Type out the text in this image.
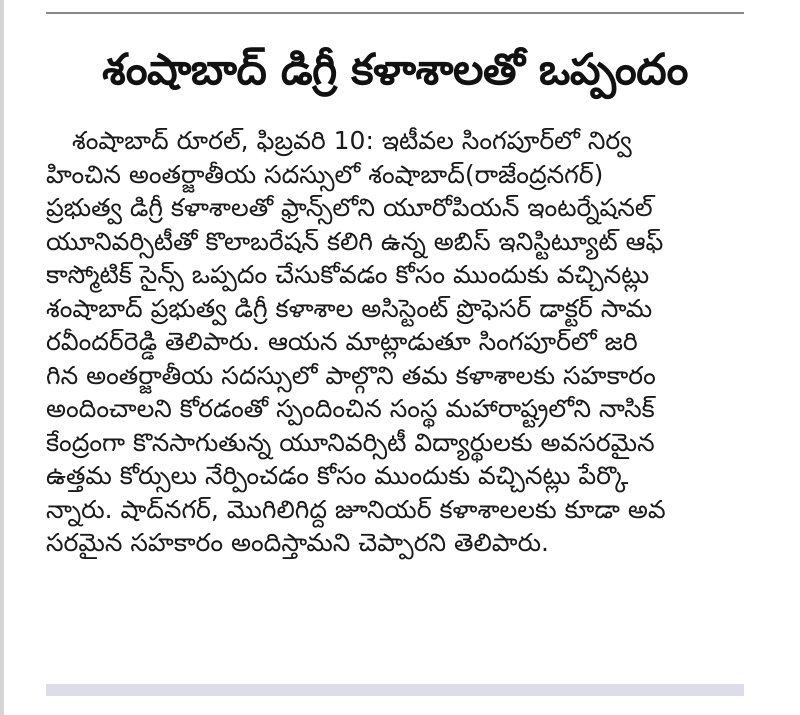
శంషాబాద్ డిగ్రీ కళాశాలతో ఒప్పందం
శంషాబాద్ రూరల్, ఫిబ్రవరి 10: ఇటీవల సింగపూర్‌లో నిర్వ
హించిన అంతర్జాతీయ సదస్సులో శంషాబాద్(రాజేంద్రనగర్)
ప్రభుత్వ డిగ్రీ కళాశాలతో ఫ్రాన్స్‌లోని యూరోపియన్ ఇంటర్నేషనల్
యూనివర్సిటీతో కొలాబరేషన్ కలిగి ఉన్న అబిస్ ఇనిస్టిట్యూట్ ఆఫ్
కాస్మోటిక్ సైన్స్ ఒప్పదం చేసుకోవడం కోసం ముందుకు వచ్చినట్లు
శంషాబాద్ ప్రభుత్వ డిగ్రీ కళాశాల అసిస్టెంట్ ప్రొఫెసర్ డాక్టర్ సామ
రవీందర్‌రెడ్డి తెలిపారు. ఆయన మాట్లాడుతూ సింగపూర్‌లో జరి
గిన అంతర్జాతీయ సదస్సులో పాల్గొని తమ కళాశాలకు సహకారం
అందించాలని కోరడంతో స్పందించిన సంస్థ మహారాష్ట్రలోని నాసిక్
కేంద్రంగా కొనసాగుతున్న యూనివర్సిటీ విద్యార్థులకు అవసరమైన
ఉత్తమ కోర్సులు నేర్పించడం కోసం ముందుకు వచ్చినట్లు పేర్కొ
న్నారు. షాద్‌నగర్, మొగిలిగిద్ద జూనియర్ కళాశాలలకు కూడా అవ
సరమైన సహకారం అందిస్తామని చెప్పారని తెలిపారు.
